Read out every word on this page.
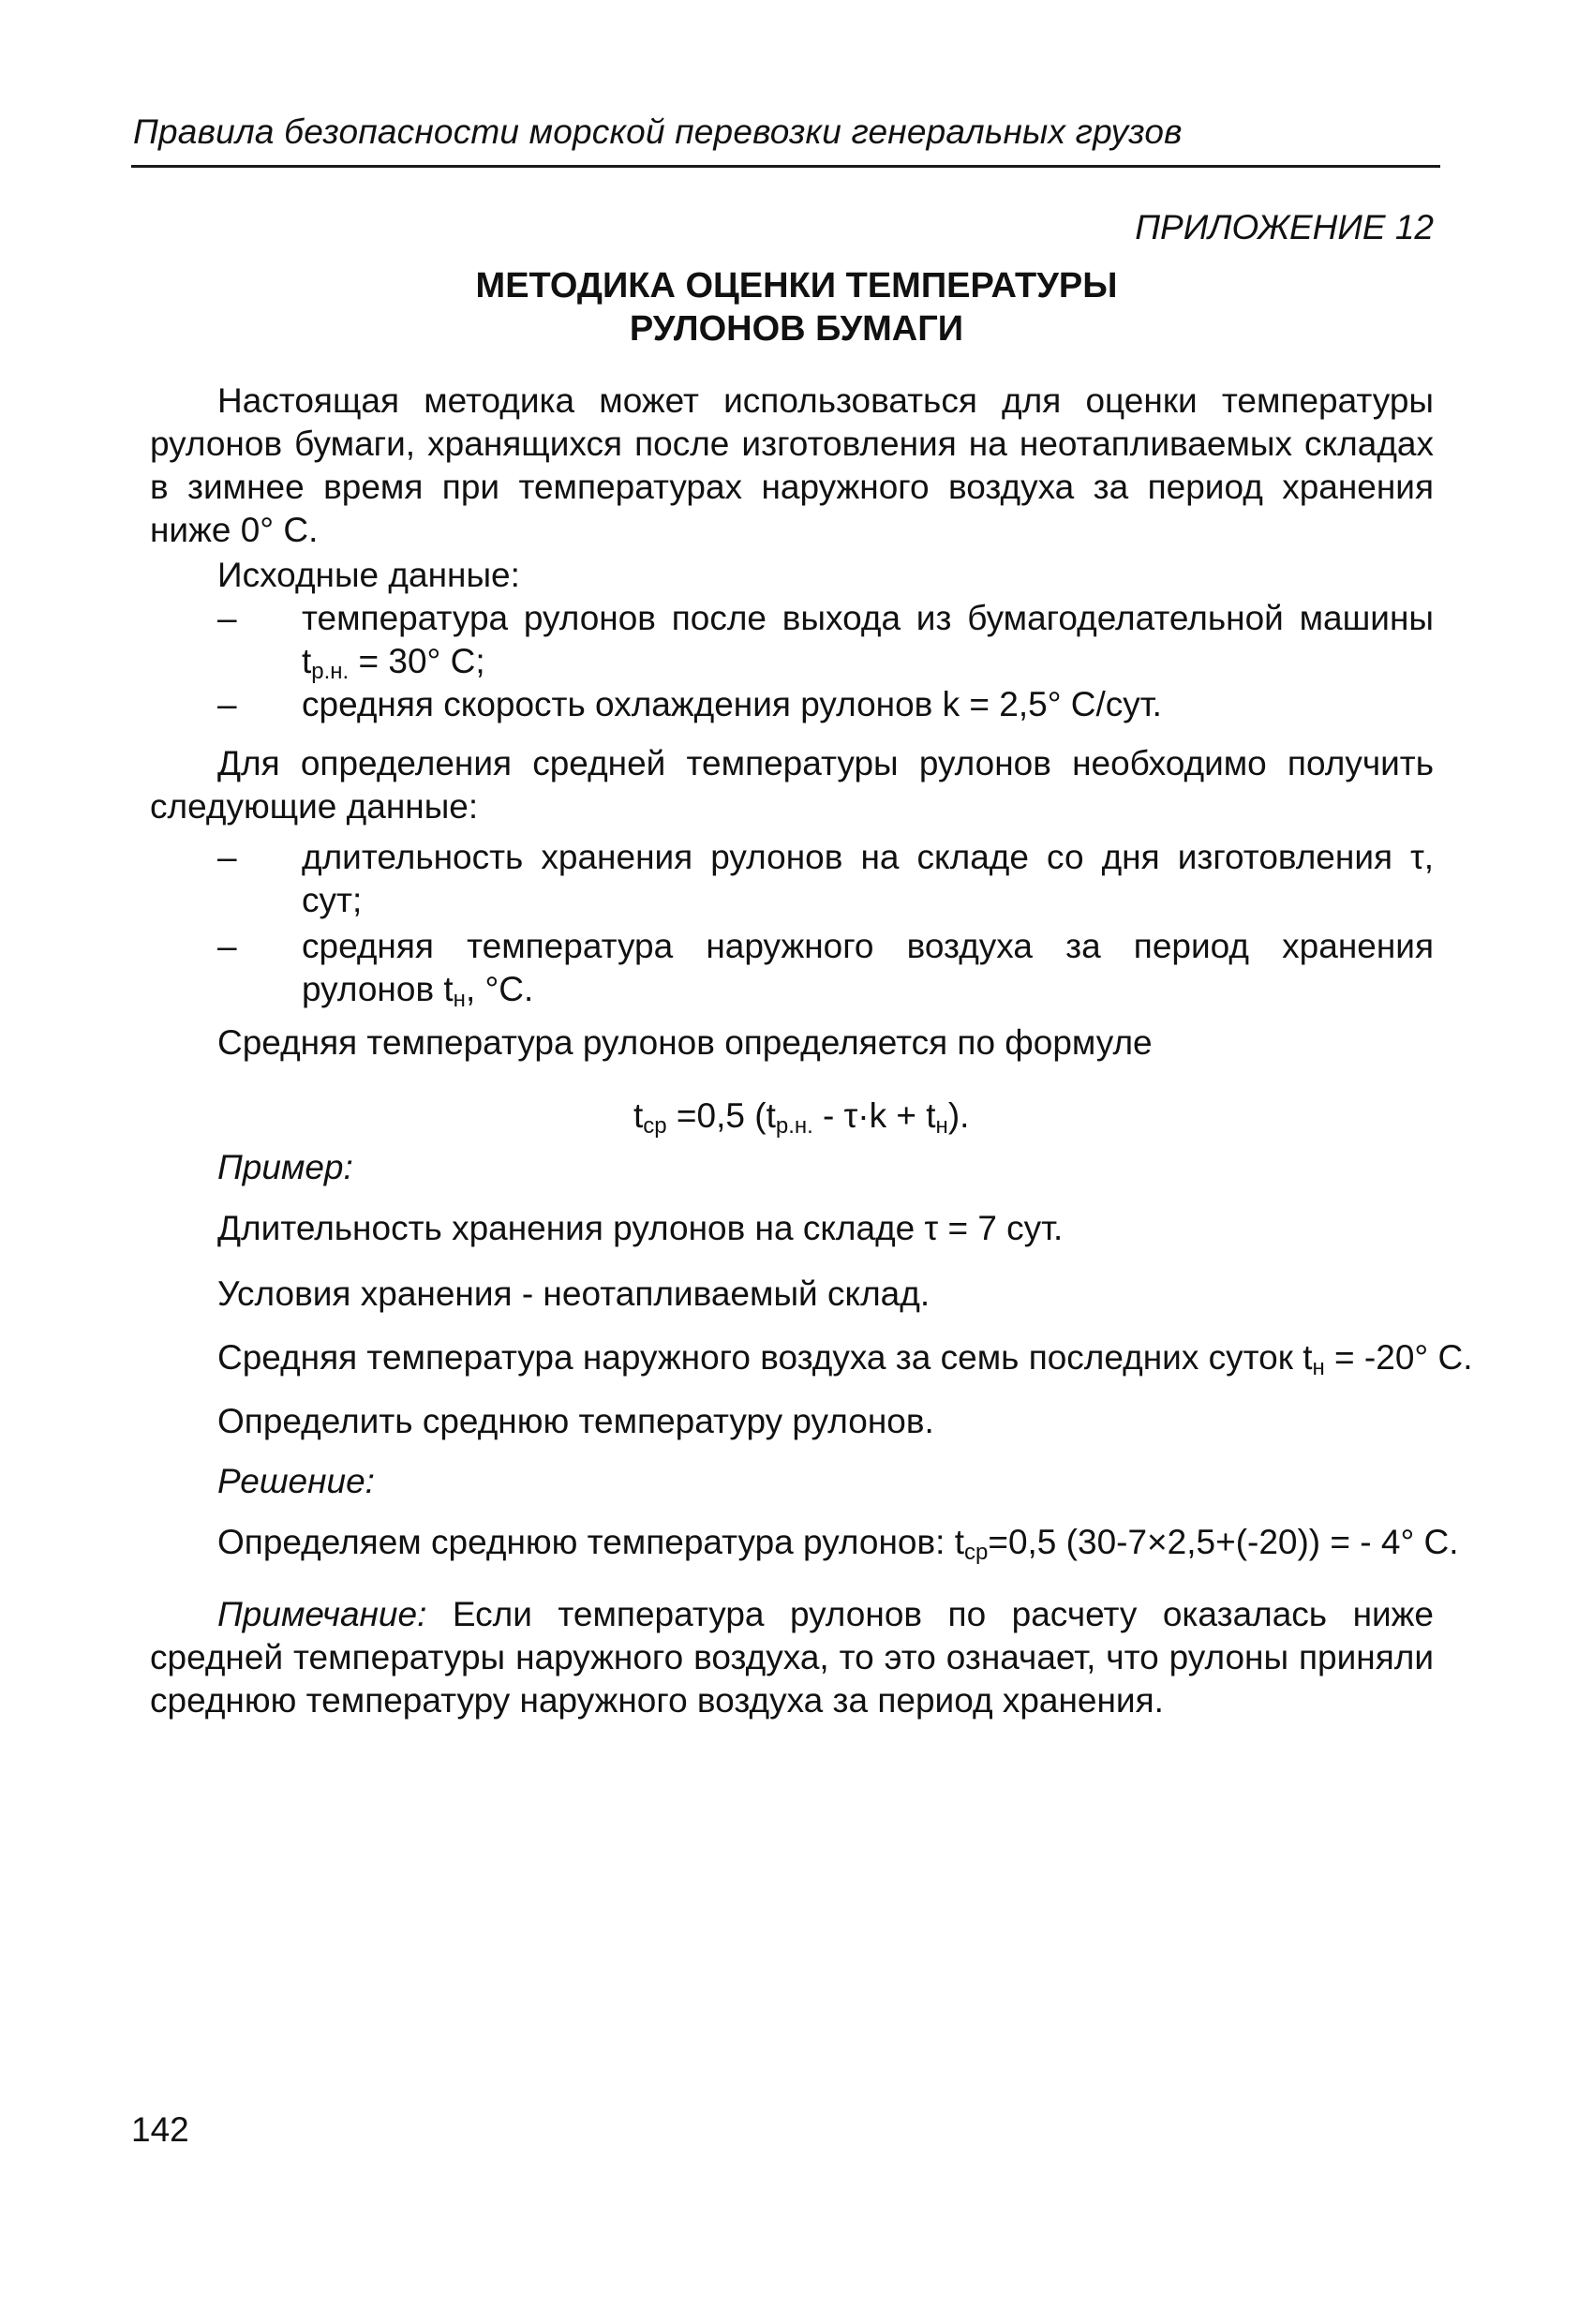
Правила безопасности морской перевозки генеральных грузов
ПРИЛОЖЕНИЕ 12
МЕТОДИКА ОЦЕНКИ ТЕМПЕРАТУРЫ
РУЛОНОВ БУМАГИ
Настоящая методика может использоваться для оценки температуры рулонов бумаги, хранящихся после изготовления на неотапливаемых складах в зимнее время при температурах наружного воздуха за период хранения ниже 0° С.
Исходные данные:
–	температура рулонов после выхода из бумагоделательной машины $t_{р.н.} = 30^\circ$ С;
–	средняя скорость охлаждения рулонов k = 2,5° С/сут.
Для определения средней температуры рулонов необходимо получить следующие данные:
–	длительность хранения рулонов на складе со дня изготовления τ, сут;
–	средняя температура наружного воздуха за период хранения рулонов $t_н$, °С.
Средняя температура рулонов определяется по формуле
$t_{ср} =0,5$ $(t_{р.н.} - \tau\cdot k + t_н)$.
Пример:
Длительность хранения рулонов на складе τ = 7 сут.
Условия хранения - неотапливаемый склад.
Средняя температура наружного воздуха за семь последних суток $t_н = -20^\circ$ С.
Определить среднюю температуру рулонов.
Решение:
Определяем среднюю температура рулонов: $t_{ср}=0,5$ (30-7×2,5+(-20)) = - 4° С.
Примечание: Если температура рулонов по расчету оказалась ниже средней температуры наружного воздуха, то это означает, что рулоны приняли среднюю температуру наружного воздуха за период хранения.
142
